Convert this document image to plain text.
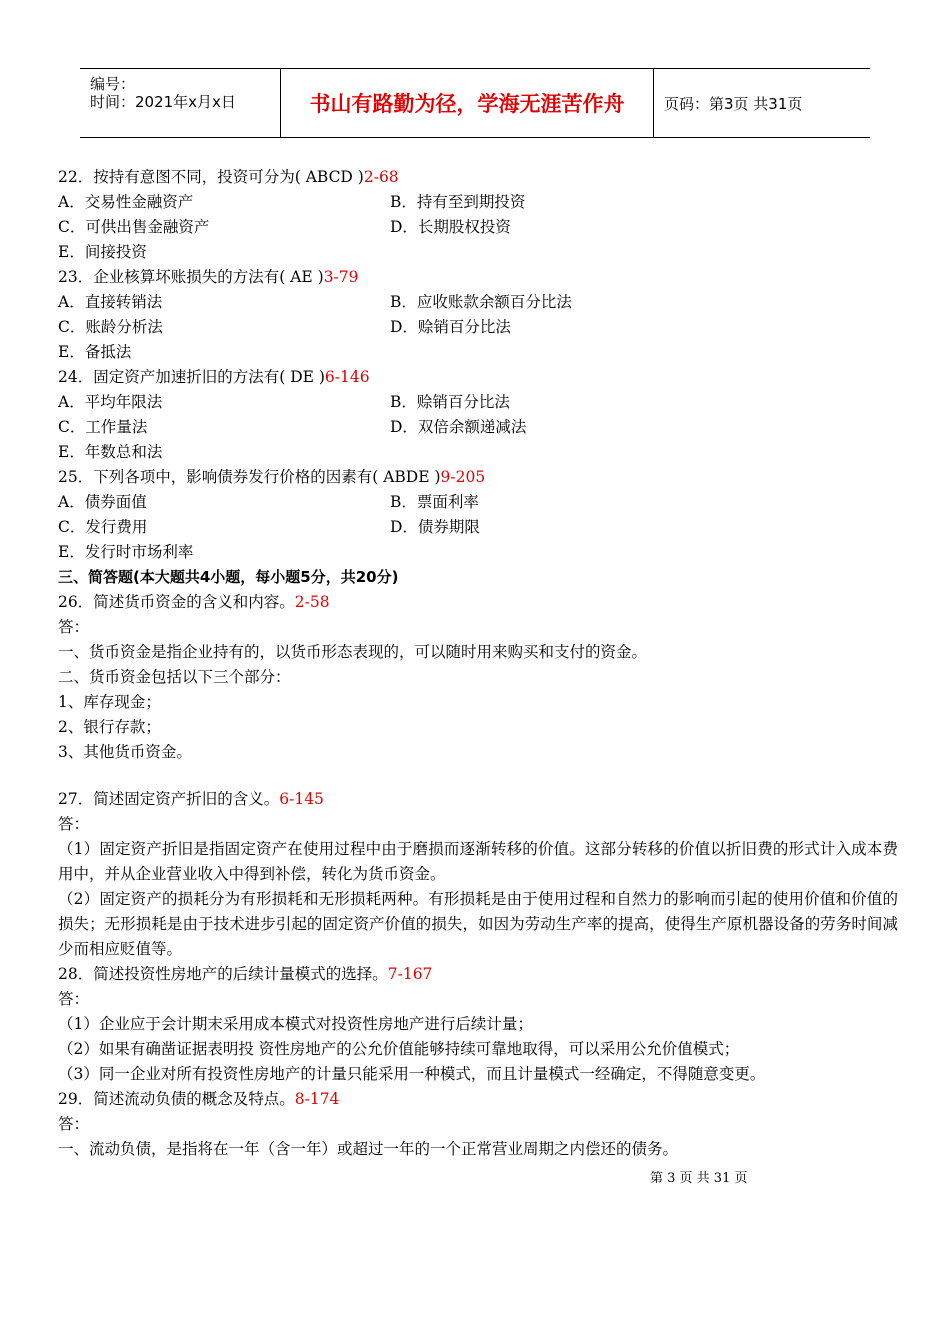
编号：
时间：2021年x月x日	书山有路勤为径，学海无涯苦作舟	页码：第3页 共31页
22．按持有意图不同，投资可分为( ABCD )2-68
A．交易性金融资产	B．持有至到期投资
C．可供出售金融资产	D．长期股权投资
E．间接投资
23．企业核算坏账损失的方法有( AE )3-79
A．直接转销法	B．应收账款余额百分比法
C．账龄分析法	D．赊销百分比法
E．备抵法
24．固定资产加速折旧的方法有( DE )6-146
A．平均年限法	B．赊销百分比法
C．工作量法	D．双倍余额递减法
E．年数总和法
25．下列各项中，影响债券发行价格的因素有( ABDE )9-205
A．债券面值	B．票面利率
C．发行费用	D．债券期限
E．发行时市场利率
三、简答题(本大题共4小题，每小题5分，共20分)
26．简述货币资金的含义和内容。2-58
答：
一、货币资金是指企业持有的，以货币形态表现的，可以随时用来购买和支付的资金。
二、货币资金包括以下三个部分：
1、库存现金；
2、银行存款；
3、其他货币资金。
27．简述固定资产折旧的含义。6-145
答：
（1）固定资产折旧是指固定资产在使用过程中由于磨损而逐渐转移的价值。这部分转移的价值以折旧费的形式计入成本费用中，并从企业营业收入中得到补偿，转化为货币资金。
（2）固定资产的损耗分为有形损耗和无形损耗两种。有形损耗是由于使用过程和自然力的影响而引起的使用价值和价值的损失；无形损耗是由于技术进步引起的固定资产价值的损失，如因为劳动生产率的提高，使得生产原机器设备的劳务时间减少而相应贬值等。
28．简述投资性房地产的后续计量模式的选择。7-167
答：
（1）企业应于会计期末采用成本模式对投资性房地产进行后续计量；
（2）如果有确凿证据表明投 资性房地产的公允价值能够持续可靠地取得，可以采用公允价值模式；
（3）同一企业对所有投资性房地产的计量只能采用一种模式，而且计量模式一经确定，不得随意变更。
29．简述流动负债的概念及特点。8-174
答：
一、流动负债，是指将在一年（含一年）或超过一年的一个正常营业周期之内偿还的债务。
第 3 页 共 31 页
